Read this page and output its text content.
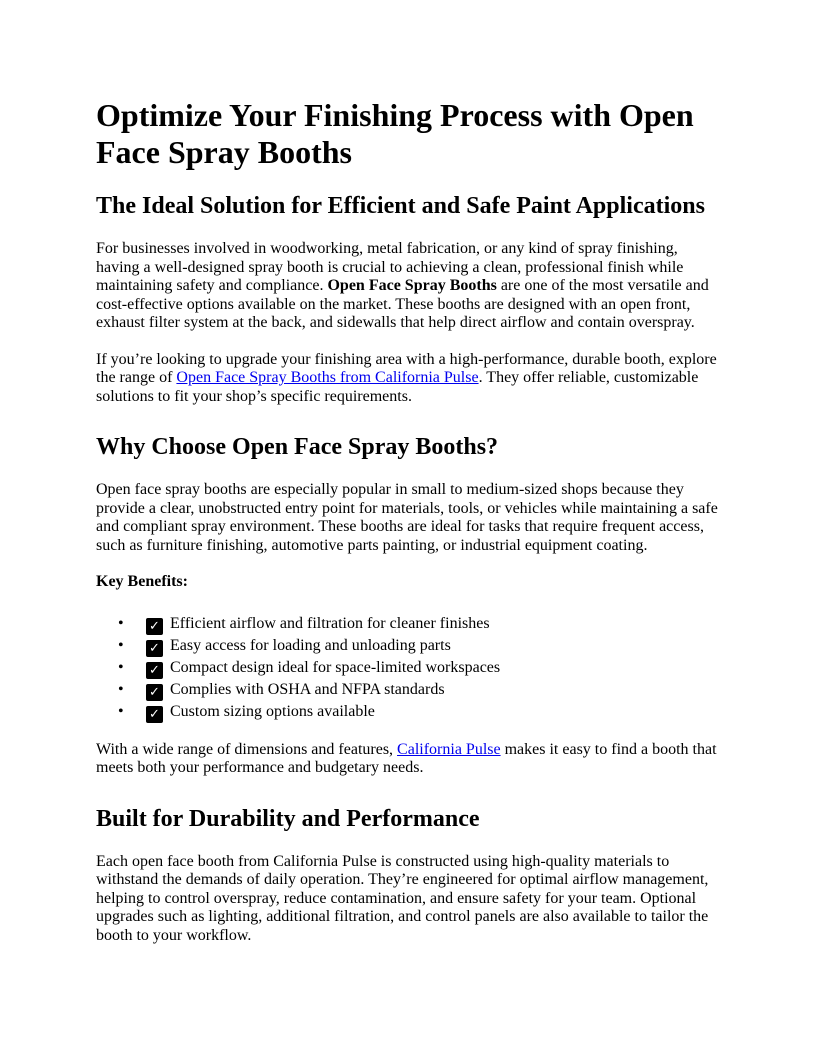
Optimize Your Finishing Process with Open Face Spray Booths
The Ideal Solution for Efficient and Safe Paint Applications

For businesses involved in woodworking, metal fabrication, or any kind of spray finishing, having a well-designed spray booth is crucial to achieving a clean, professional finish while maintaining safety and compliance. Open Face Spray Booths are one of the most versatile and cost-effective options available on the market. These booths are designed with an open front, exhaust filter system at the back, and sidewalls that help direct airflow and contain overspray.

If you’re looking to upgrade your finishing area with a high-performance, durable booth, explore the range of Open Face Spray Booths from California Pulse. They offer reliable, customizable solutions to fit your shop’s specific requirements.

Why Choose Open Face Spray Booths?

Open face spray booths are especially popular in small to medium-sized shops because they provide a clear, unobstructed entry point for materials, tools, or vehicles while maintaining a safe and compliant spray environment. These booths are ideal for tasks that require frequent access, such as furniture finishing, automotive parts painting, or industrial equipment coating.

Key Benefits:

• ✓ Efficient airflow and filtration for cleaner finishes
• ✓ Easy access for loading and unloading parts
• ✓ Compact design ideal for space-limited workspaces
• ✓ Complies with OSHA and NFPA standards
• ✓ Custom sizing options available

With a wide range of dimensions and features, California Pulse makes it easy to find a booth that meets both your performance and budgetary needs.

Built for Durability and Performance

Each open face booth from California Pulse is constructed using high-quality materials to withstand the demands of daily operation. They’re engineered for optimal airflow management, helping to control overspray, reduce contamination, and ensure safety for your team. Optional upgrades such as lighting, additional filtration, and control panels are also available to tailor the booth to your workflow.
